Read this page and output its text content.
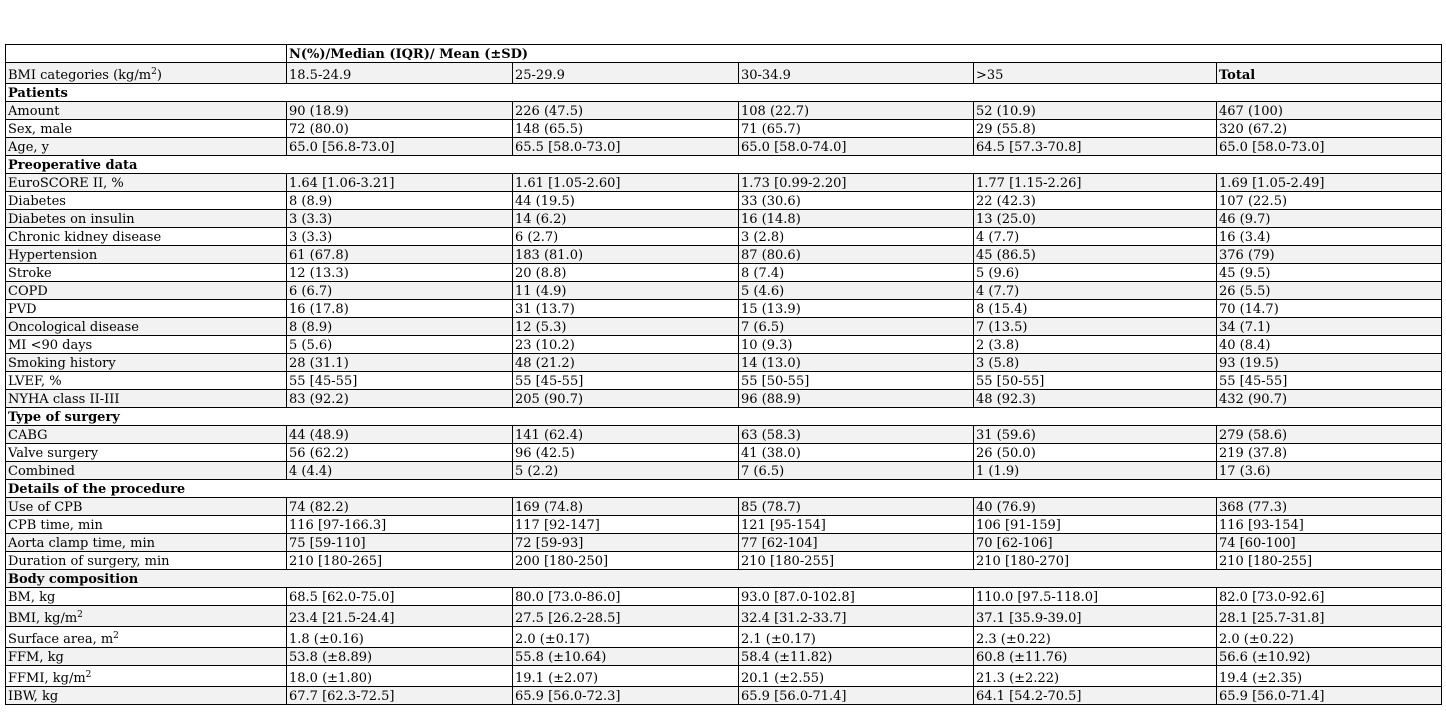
	N(%)/Median (IQR)/ Mean (±SD)				
BMI categories $(kg/m^2)$	18.5-24.9	25-29.9	30-34.9	>35	Total
Patients					
Amount	90 (18.9)	226 (47.5)	108 (22.7)	52 (10.9)	467 (100)
Sex, male	72 (80.0)	148 (65.5)	71 (65.7)	29 (55.8)	320 (67.2)
Age, y	65.0 [56.8-73.0]	65.5 [58.0-73.0]	65.0 [58.0-74.0]	64.5 [57.3-70.8]	65.0 [58.0-73.0]
Preoperative data					
EuroSCORE II, %	1.64 [1.06-3.21]	1.61 [1.05-2.60]	1.73 [0.99-2.20]	1.77 [1.15-2.26]	1.69 [1.05-2.49]
Diabetes	8 (8.9)	44 (19.5)	33 (30.6)	22 (42.3)	107 (22.5)
Diabetes on insulin	3 (3.3)	14 (6.2)	16 (14.8)	13 (25.0)	46 (9.7)
Chronic kidney disease	3 (3.3)	6 (2.7)	3 (2.8)	4 (7.7)	16 (3.4)
Hypertension	61 (67.8)	183 (81.0)	87 (80.6)	45 (86.5)	376 (79)
Stroke	12 (13.3)	20 (8.8)	8 (7.4)	5 (9.6)	45 (9.5)
COPD	6 (6.7)	11 (4.9)	5 (4.6)	4 (7.7)	26 (5.5)
PVD	16 (17.8)	31 (13.7)	15 (13.9)	8 (15.4)	70 (14.7)
Oncological disease	8 (8.9)	12 (5.3)	7 (6.5)	7 (13.5)	34 (7.1)
MI <90 days	5 (5.6)	23 (10.2)	10 (9.3)	2 (3.8)	40 (8.4)
Smoking history	28 (31.1)	48 (21.2)	14 (13.0)	3 (5.8)	93 (19.5)
LVEF, %	55 [45-55]	55 [45-55]	55 [50-55]	55 [50-55]	55 [45-55]
NYHA class II-III	83 (92.2)	205 (90.7)	96 (88.9)	48 (92.3)	432 (90.7)
Type of surgery					
CABG	44 (48.9)	141 (62.4)	63 (58.3)	31 (59.6)	279 (58.6)
Valve surgery	56 (62.2)	96 (42.5)	41 (38.0)	26 (50.0)	219 (37.8)
Combined	4 (4.4)	5 (2.2)	7 (6.5)	1 (1.9)	17 (3.6)
Details of the procedure					
Use of CPB	74 (82.2)	169 (74.8)	85 (78.7)	40 (76.9)	368 (77.3)
CPB time, min	116 [97-166.3]	117 [92-147]	121 [95-154]	106 [91-159]	116 [93-154]
Aorta clamp time, min	75 [59-110]	72 [59-93]	77 [62-104]	70 [62-106]	74 [60-100]
Duration of surgery, min	210 [180-265]	200 [180-250]	210 [180-255]	210 [180-270]	210 [180-255]
Body composition					
BM, kg	68.5 [62.0-75.0]	80.0 [73.0-86.0]	93.0 [87.0-102.8]	110.0 [97.5-118.0]	82.0 [73.0-92.6]
BMI, $kg/m^2$	23.4 [21.5-24.4]	27.5 [26.2-28.5]	32.4 [31.2-33.7]	37.1 [35.9-39.0]	28.1 [25.7-31.8]
Surface area, $m^2$	1.8 (±0.16)	2.0 (±0.17)	2.1 (±0.17)	2.3 (±0.22)	2.0 (±0.22)
FFM, kg	53.8 (±8.89)	55.8 (±10.64)	58.4 (±11.82)	60.8 (±11.76)	56.6 (±10.92)
FFMI, $kg/m^2$	18.0 (±1.80)	19.1 (±2.07)	20.1 (±2.55)	21.3 (±2.22)	19.4 (±2.35)
IBW, kg	67.7 [62.3-72.5]	65.9 [56.0-72.3]	65.9 [56.0-71.4]	64.1 [54.2-70.5]	65.9 [56.0-71.4]
